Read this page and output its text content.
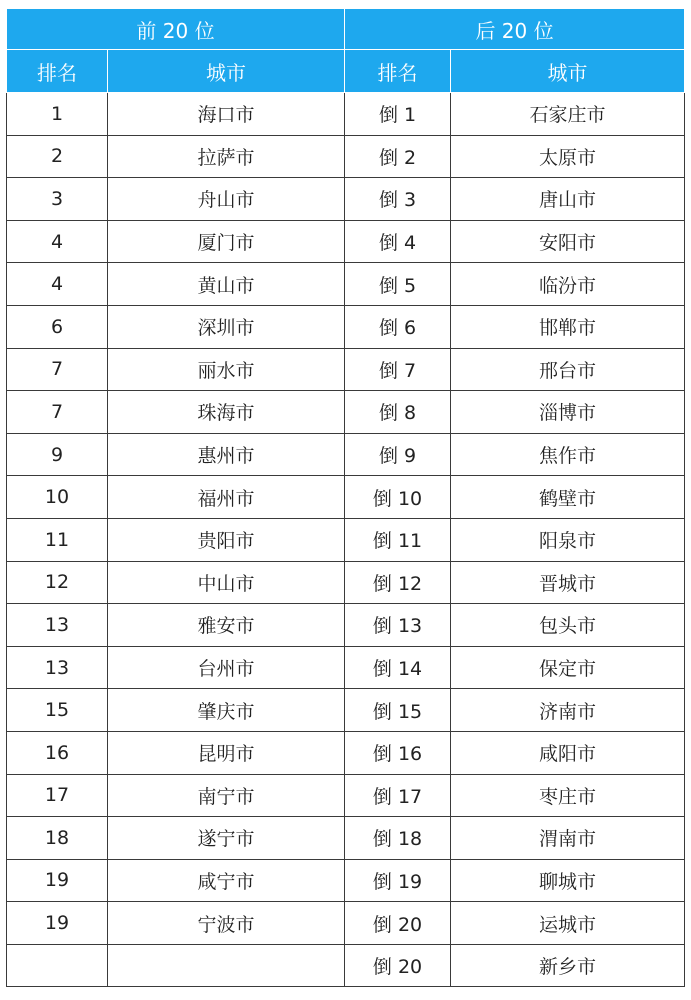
前 20 位		后 20 位	
排名	城市	排名	城市
1	海口市	倒 1	石家庄市
2	拉萨市	倒 2	太原市
3	舟山市	倒 3	唐山市
4	厦门市	倒 4	安阳市
4	黄山市	倒 5	临汾市
6	深圳市	倒 6	邯郸市
7	丽水市	倒 7	邢台市
7	珠海市	倒 8	淄博市
9	惠州市	倒 9	焦作市
10	福州市	倒 10	鹤壁市
11	贵阳市	倒 11	阳泉市
12	中山市	倒 12	晋城市
13	雅安市	倒 13	包头市
13	台州市	倒 14	保定市
15	肇庆市	倒 15	济南市
16	昆明市	倒 16	咸阳市
17	南宁市	倒 17	枣庄市
18	遂宁市	倒 18	渭南市
19	咸宁市	倒 19	聊城市
19	宁波市	倒 20	运城市
		倒 20	新乡市
